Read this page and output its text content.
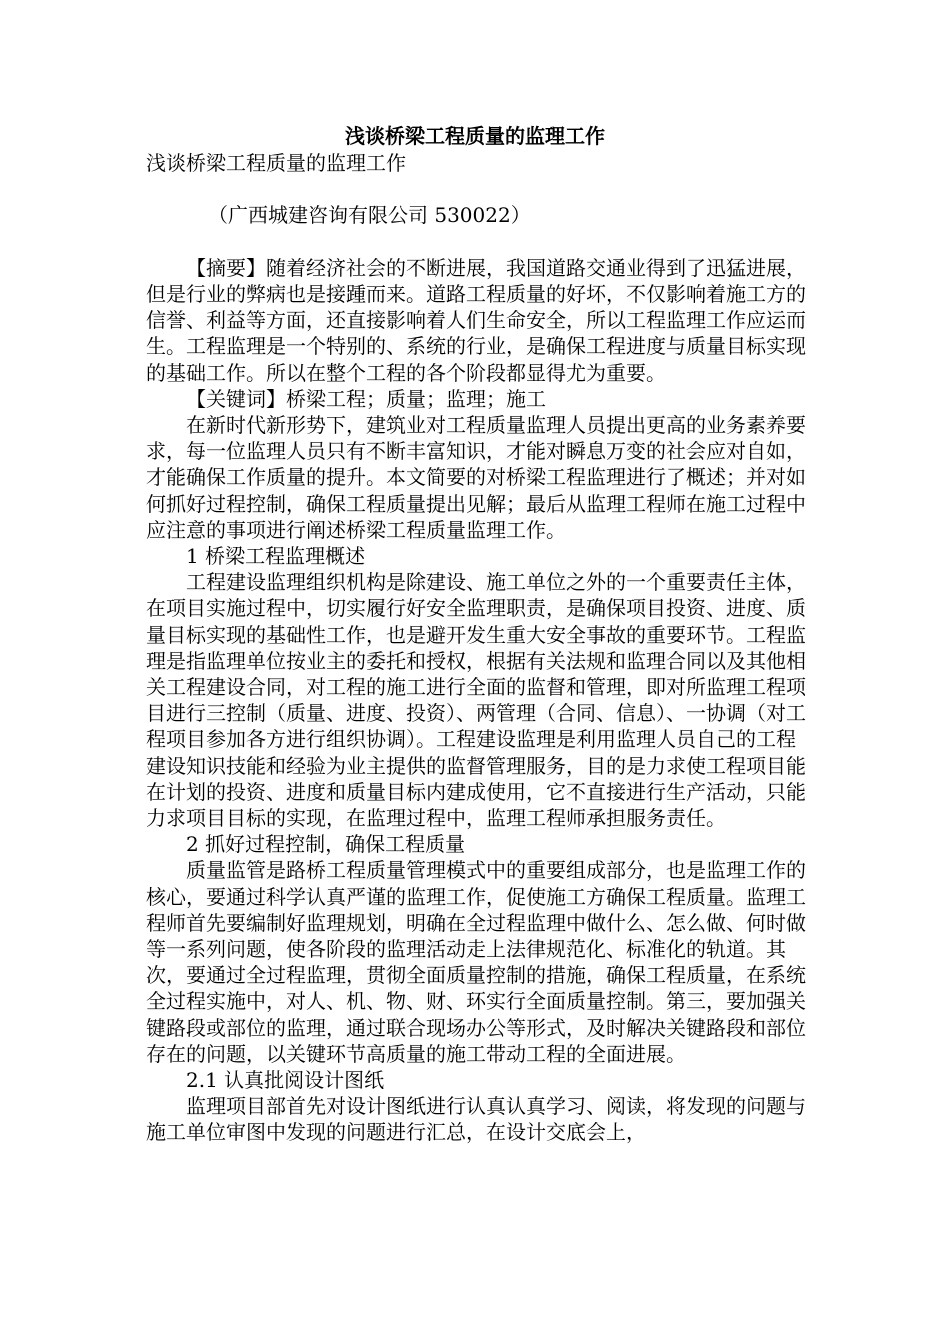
浅谈桥梁工程质量的监理工作

浅谈桥梁工程质量的监理工作

（广西城建咨询有限公司 530022）

【摘要】随着经济社会的不断进展，我国道路交通业得到了迅猛进展，但是行业的弊病也是接踵而来。道路工程质量的好坏，不仅影响着施工方的信誉、利益等方面，还直接影响着人们生命安全，所以工程监理工作应运而生。工程监理是一个特别的、系统的行业，是确保工程进度与质量目标实现的基础工作。所以在整个工程的各个阶段都显得尤为重要。

【关键词】桥梁工程；质量；监理；施工

在新时代新形势下，建筑业对工程质量监理人员提出更高的业务素养要求，每一位监理人员只有不断丰富知识，才能对瞬息万变的社会应对自如，才能确保工作质量的提升。本文简要的对桥梁工程监理进行了概述；并对如何抓好过程控制，确保工程质量提出见解；最后从监理工程师在施工过程中应注意的事项进行阐述桥梁工程质量监理工作。

1 桥梁工程监理概述

工程建设监理组织机构是除建设、施工单位之外的一个重要责任主体，在项目实施过程中，切实履行好安全监理职责，是确保项目投资、进度、质量目标实现的基础性工作，也是避开发生重大安全事故的重要环节。工程监理是指监理单位按业主的委托和授权，根据有关法规和监理合同以及其他相关工程建设合同，对工程的施工进行全面的监督和管理，即对所监理工程项目进行三控制（质量、进度、投资）、两管理（合同、信息）、一协调（对工程项目参加各方进行组织协调）。工程建设监理是利用监理人员自己的工程建设知识技能和经验为业主提供的监督管理服务，目的是力求使工程项目能在计划的投资、进度和质量目标内建成使用，它不直接进行生产活动，只能力求项目目标的实现，在监理过程中，监理工程师承担服务责任。

2 抓好过程控制，确保工程质量

质量监管是路桥工程质量管理模式中的重要组成部分，也是监理工作的核心，要通过科学认真严谨的监理工作，促使施工方确保工程质量。监理工程师首先要编制好监理规划，明确在全过程监理中做什么、怎么做、何时做等一系列问题，使各阶段的监理活动走上法律规范化、标准化的轨道。其次，要通过全过程监理，贯彻全面质量控制的措施，确保工程质量，在系统全过程实施中，对人、机、物、财、环实行全面质量控制。第三，要加强关键路段或部位的监理，通过联合现场办公等形式，及时解决关键路段和部位存在的问题，以关键环节高质量的施工带动工程的全面进展。

2.1 认真批阅设计图纸

监理项目部首先对设计图纸进行认真认真学习、阅读，将发现的问题与施工单位审图中发现的问题进行汇总，在设计交底会上，
